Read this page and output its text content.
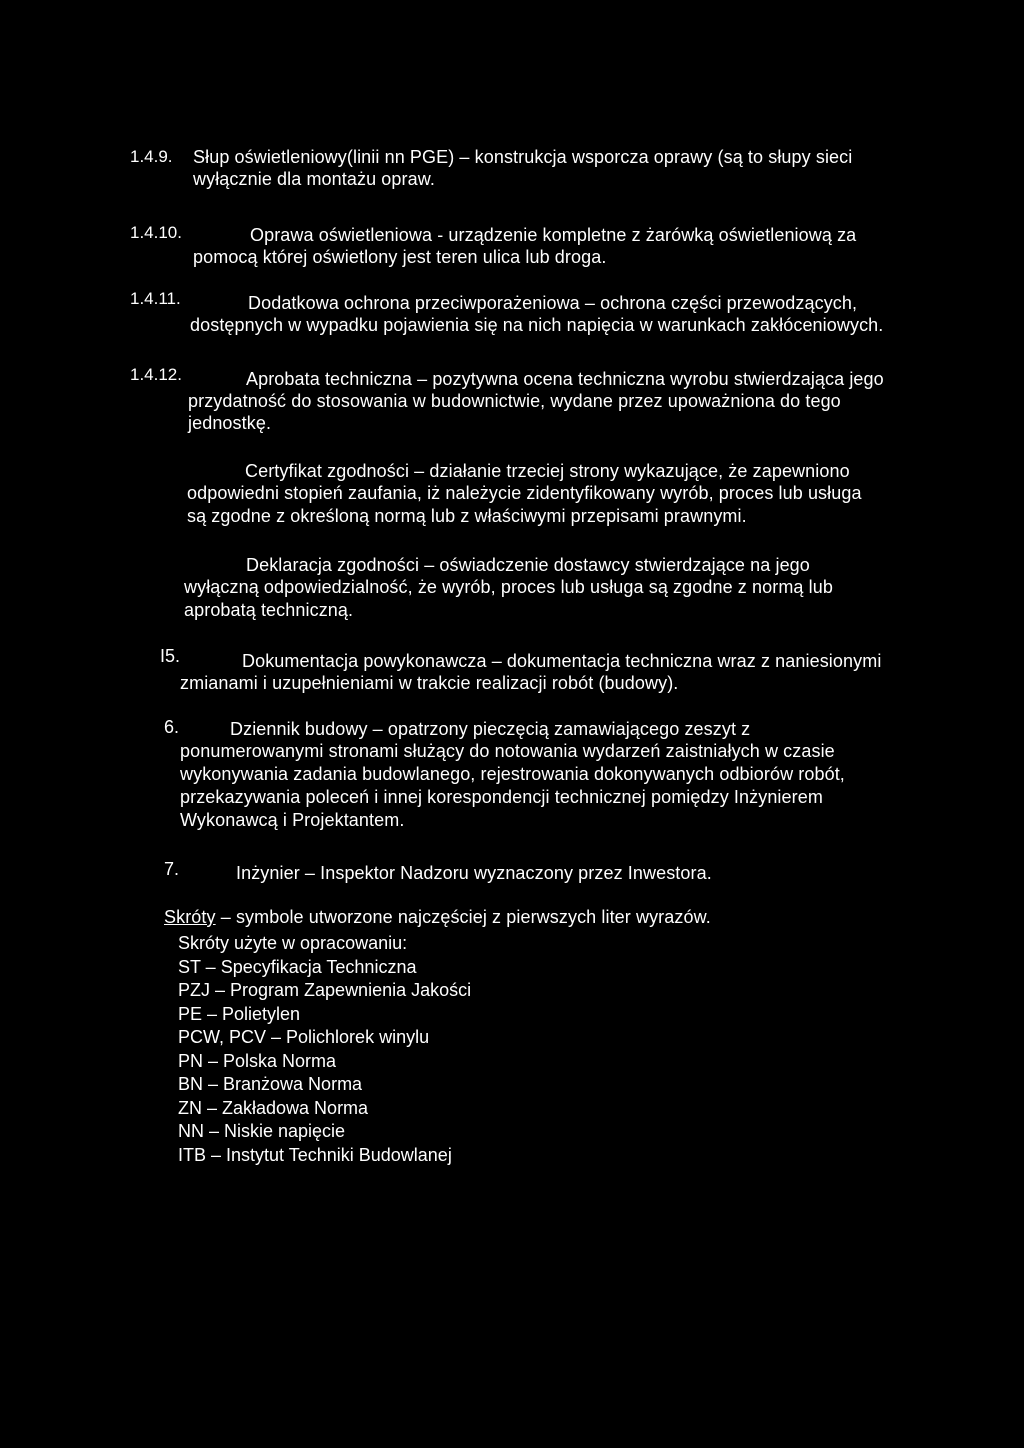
1.4.9. Słup oświetleniowy(linii nn PGE) – konstrukcja wsporcza oprawy (są to słupy sieci
wyłącznie dla montażu opraw.
1.4.10.	Oprawa oświetleniowa - urządzenie kompletne z żarówką oświetleniową za
pomocą której oświetlony jest teren ulica lub droga.
1.4.11.	Dodatkowa ochrona przeciwporażeniowa – ochrona części przewodzących,
dostępnych w wypadku pojawienia się na nich napięcia w warunkach zakłóceniowych.
1.4.12.	Aprobata techniczna – pozytywna ocena techniczna wyrobu stwierdzająca jego
przydatność do stosowania w budownictwie, wydane przez upoważniona do tego
jednostkę.
Certyfikat zgodności – działanie trzeciej strony wykazujące, że zapewniono
odpowiedni stopień zaufania, iż należycie zidentyfikowany wyrób, proces lub usługa
są zgodne z określoną normą lub z właściwymi przepisami prawnymi.
Deklaracja zgodności – oświadczenie dostawcy stwierdzające na jego
wyłączną odpowiedzialność, że wyrób, proces lub usługa są zgodne z normą lub
aprobatą techniczną.
I5.	Dokumentacja powykonawcza – dokumentacja techniczna wraz z naniesionymi
zmianami i uzupełnieniami w trakcie realizacji robót (budowy).
6.	Dziennik budowy – opatrzony pieczęcią zamawiającego zeszyt z
ponumerowanymi stronami służący do notowania wydarzeń zaistniałych w czasie
wykonywania zadania budowlanego, rejestrowania dokonywanych odbiorów robót,
przekazywania poleceń i innej korespondencji technicznej pomiędzy Inżynierem
Wykonawcą i Projektantem.
7.	Inżynier – Inspektor Nadzoru wyznaczony przez Inwestora.
Skróty – symbole utworzone najczęściej z pierwszych liter wyrazów.
Skróty użyte w opracowaniu:
ST – Specyfikacja Techniczna
PZJ – Program Zapewnienia Jakości
PE – Polietylen
PCW, PCV – Polichlorek winylu
PN – Polska Norma
BN – Branżowa Norma
ZN – Zakładowa Norma
NN – Niskie napięcie
ITB – Instytut Techniki Budowlanej
